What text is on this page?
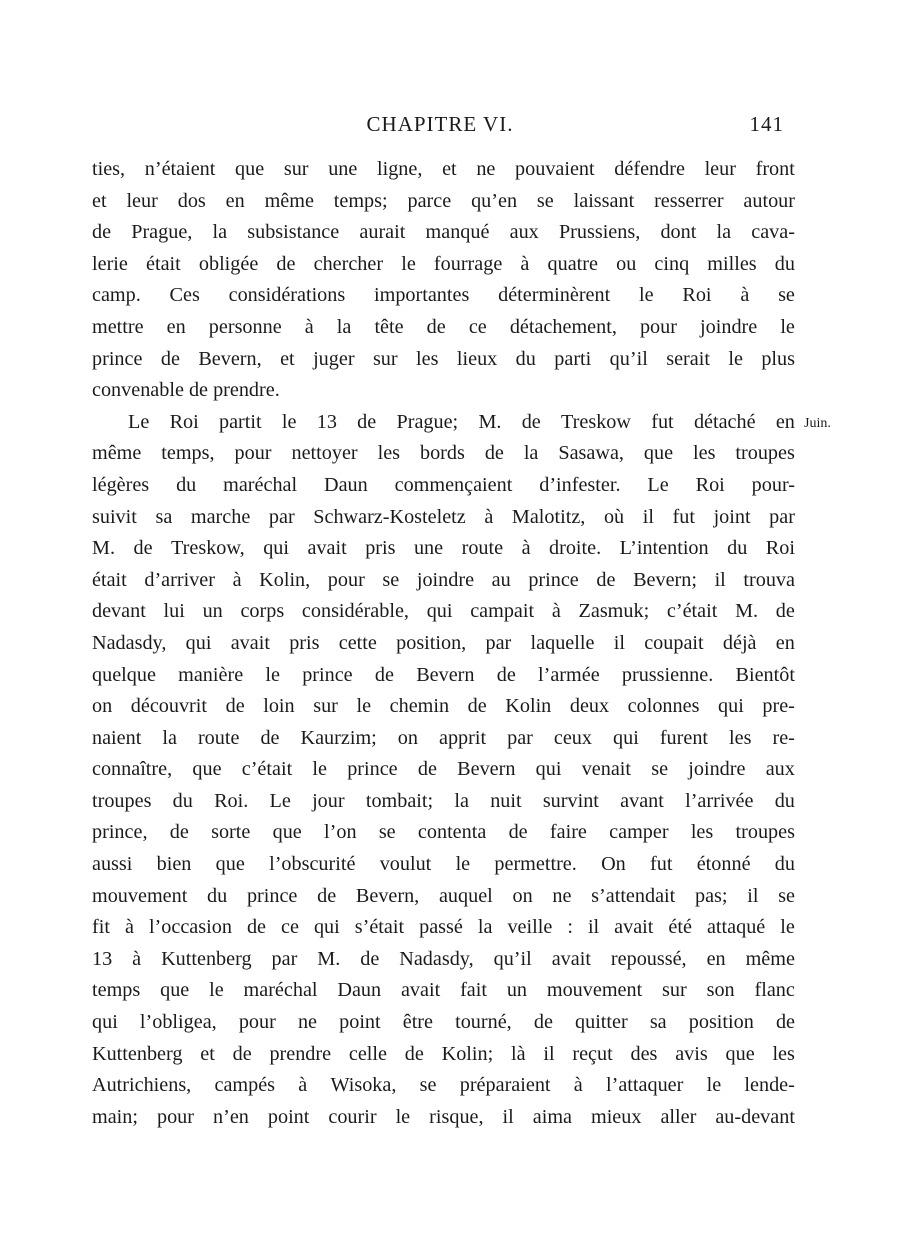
CHAPITRE VI.	141
ties, n’étaient que sur une ligne, et ne pouvaient défendre leur front
et leur dos en même temps; parce qu’en se laissant resserrer autour
de Prague, la subsistance aurait manqué aux Prussiens, dont la cava-
lerie était obligée de chercher le fourrage à quatre ou cinq milles du
camp. Ces considérations importantes déterminèrent le Roi à se
mettre en personne à la tête de ce détachement, pour joindre le
prince de Bevern, et juger sur les lieux du parti qu’il serait le plus
convenable de prendre.
Le Roi partit le 13 de Prague; M. de Treskow fut détaché en
même temps, pour nettoyer les bords de la Sasawa, que les troupes
légères du maréchal Daun commençaient d’infester. Le Roi pour-
suivit sa marche par Schwarz-Kosteletz à Malotitz, où il fut joint par
M. de Treskow, qui avait pris une route à droite. L’intention du Roi
était d’arriver à Kolin, pour se joindre au prince de Bevern; il trouva
devant lui un corps considérable, qui campait à Zasmuk; c’était M. de
Nadasdy, qui avait pris cette position, par laquelle il coupait déjà en
quelque manière le prince de Bevern de l’armée prussienne. Bientôt
on découvrit de loin sur le chemin de Kolin deux colonnes qui pre-
naient la route de Kaurzim; on apprit par ceux qui furent les re-
connaître, que c’était le prince de Bevern qui venait se joindre aux
troupes du Roi. Le jour tombait; la nuit survint avant l’arrivée du
prince, de sorte que l’on se contenta de faire camper les troupes
aussi bien que l’obscurité voulut le permettre. On fut étonné du
mouvement du prince de Bevern, auquel on ne s’attendait pas; il se
fit à l’occasion de ce qui s’était passé la veille : il avait été attaqué le
13 à Kuttenberg par M. de Nadasdy, qu’il avait repoussé, en même
temps que le maréchal Daun avait fait un mouvement sur son flanc
qui l’obligea, pour ne point être tourné, de quitter sa position de
Kuttenberg et de prendre celle de Kolin; là il reçut des avis que les
Autrichiens, campés à Wisoka, se préparaient à l’attaquer le lende-
main; pour n’en point courir le risque, il aima mieux aller au-devant
Juin.
